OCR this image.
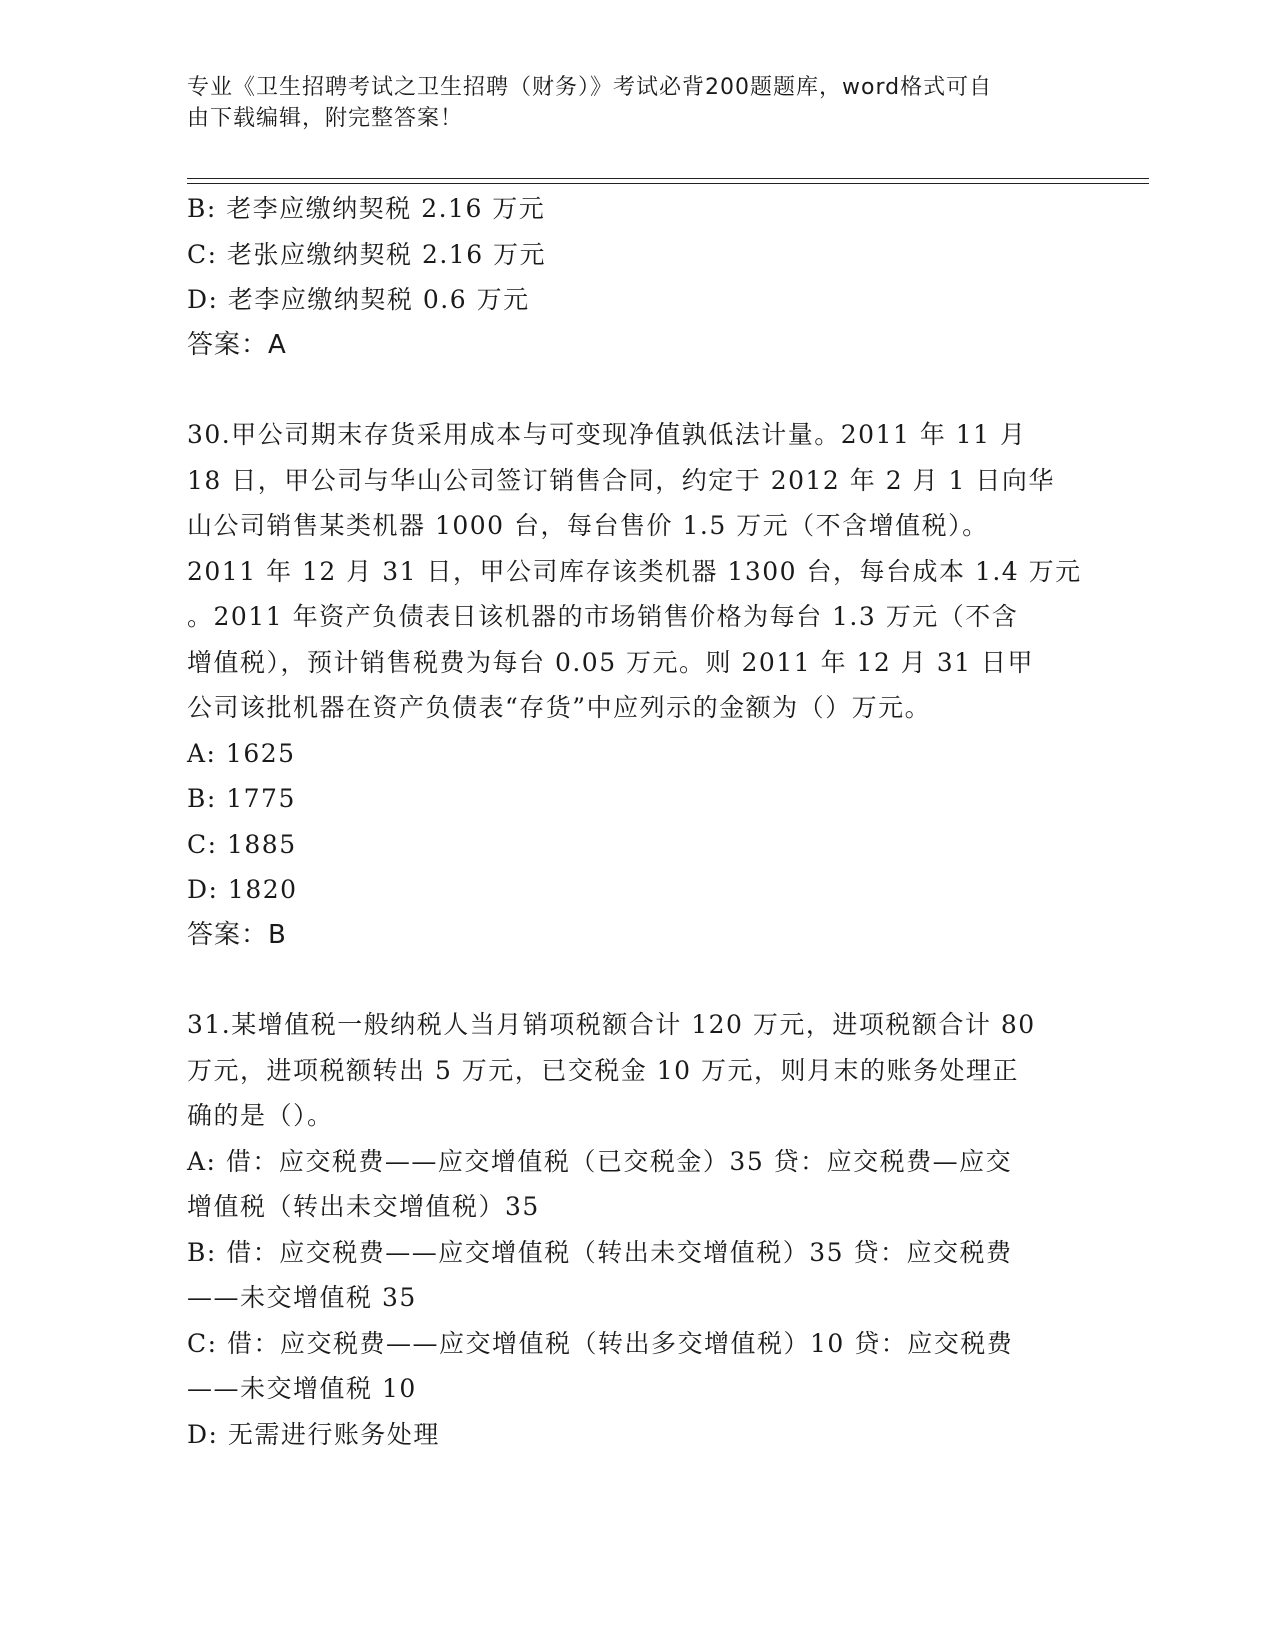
专业《卫生招聘考试之卫生招聘（财务）》考试必背200题题库，word格式可自
由下载编辑，附完整答案！
B: 老李应缴纳契税 2.16 万元
C: 老张应缴纳契税 2.16 万元
D: 老李应缴纳契税 0.6 万元
答案：A
30.甲公司期末存货采用成本与可变现净值孰低法计量。2011 年 11 月
18 日，甲公司与华山公司签订销售合同，约定于 2012 年 2 月 1 日向华
山公司销售某类机器 1000 台，每台售价 1.5 万元（不含增值税）。
2011 年 12 月 31 日，甲公司库存该类机器 1300 台，每台成本 1.4 万元
。2011 年资产负债表日该机器的市场销售价格为每台 1.3 万元（不含
增值税），预计销售税费为每台 0.05 万元。则 2011 年 12 月 31 日甲
公司该批机器在资产负债表“存货”中应列示的金额为（）万元。
A: 1625
B: 1775
C: 1885
D: 1820
答案：B
31.某增值税一般纳税人当月销项税额合计 120 万元，进项税额合计 80
万元，进项税额转出 5 万元，已交税金 10 万元，则月末的账务处理正
确的是（）。
A: 借：应交税费——应交增值税（已交税金）35 贷：应交税费—应交
增值税（转出未交增值税）35
B: 借：应交税费——应交增值税（转出未交增值税）35 贷：应交税费
——未交增值税 35
C: 借：应交税费——应交增值税（转出多交增值税）10 贷：应交税费
——未交增值税 10
D: 无需进行账务处理
